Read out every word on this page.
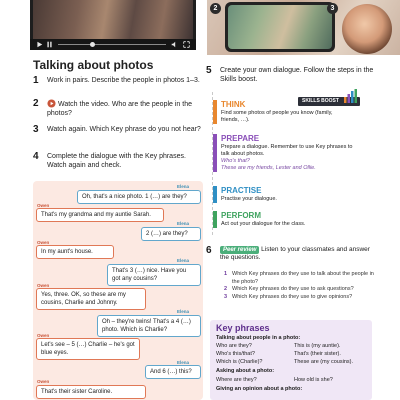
2	3
Talking about photos
1 Work in pairs. Describe the people in photos 1–3.
2	Watch the video. Who are the people in the photos?
3 Watch again. Which Key phrase do you not hear?
4 Complete the dialogue with the Key phrases. Watch again and check.
Elena
Oh, that's a nice photo. 1 (…) are they?
Owen
That's my grandma and my auntie Sarah.
Elena
2 (…) are they?
Owen
In my aunt's house.
Elena
That's 3 (…) nice. Have you got any cousins?
Owen
Yes, three. OK, so these are my cousins, Charlie and Johnny.
Elena
Oh – they're twins! That's a 4 (…) photo. Which is Charlie?
Owen
Let's see – 5 (…) Charlie – he's got blue eyes.
Elena
And 6 (…) this?
Owen
That's their sister Caroline.
5 Create your own dialogue. Follow the steps in the Skills boost.
SKILLS BOOST
THINK
Find some photos of people you know (family, friends, …).
PREPARE
Prepare a dialogue. Remember to use Key phrases to talk about photos.
Who's that?
These are my friends, Lester and Ollie.
PRACTISE
Practise your dialogue.
PERFORM
Act out your dialogue for the class.
6	Peer review Listen to your classmates and answer the questions.
1 Which Key phrases do they use to talk about the people in the photo?
2 Which Key phrases do they use to ask questions?
3 Which Key phrases do they use to give opinions?
Key phrases
Talking about people in a photo:
Who are they?	This is (my auntie).
Who's this/that?	That's (their sister).
Which is (Charlie)?	These are (my cousins).
Asking about a photo:
Where are they?	How old is she?
Giving an opinion about a photo:
